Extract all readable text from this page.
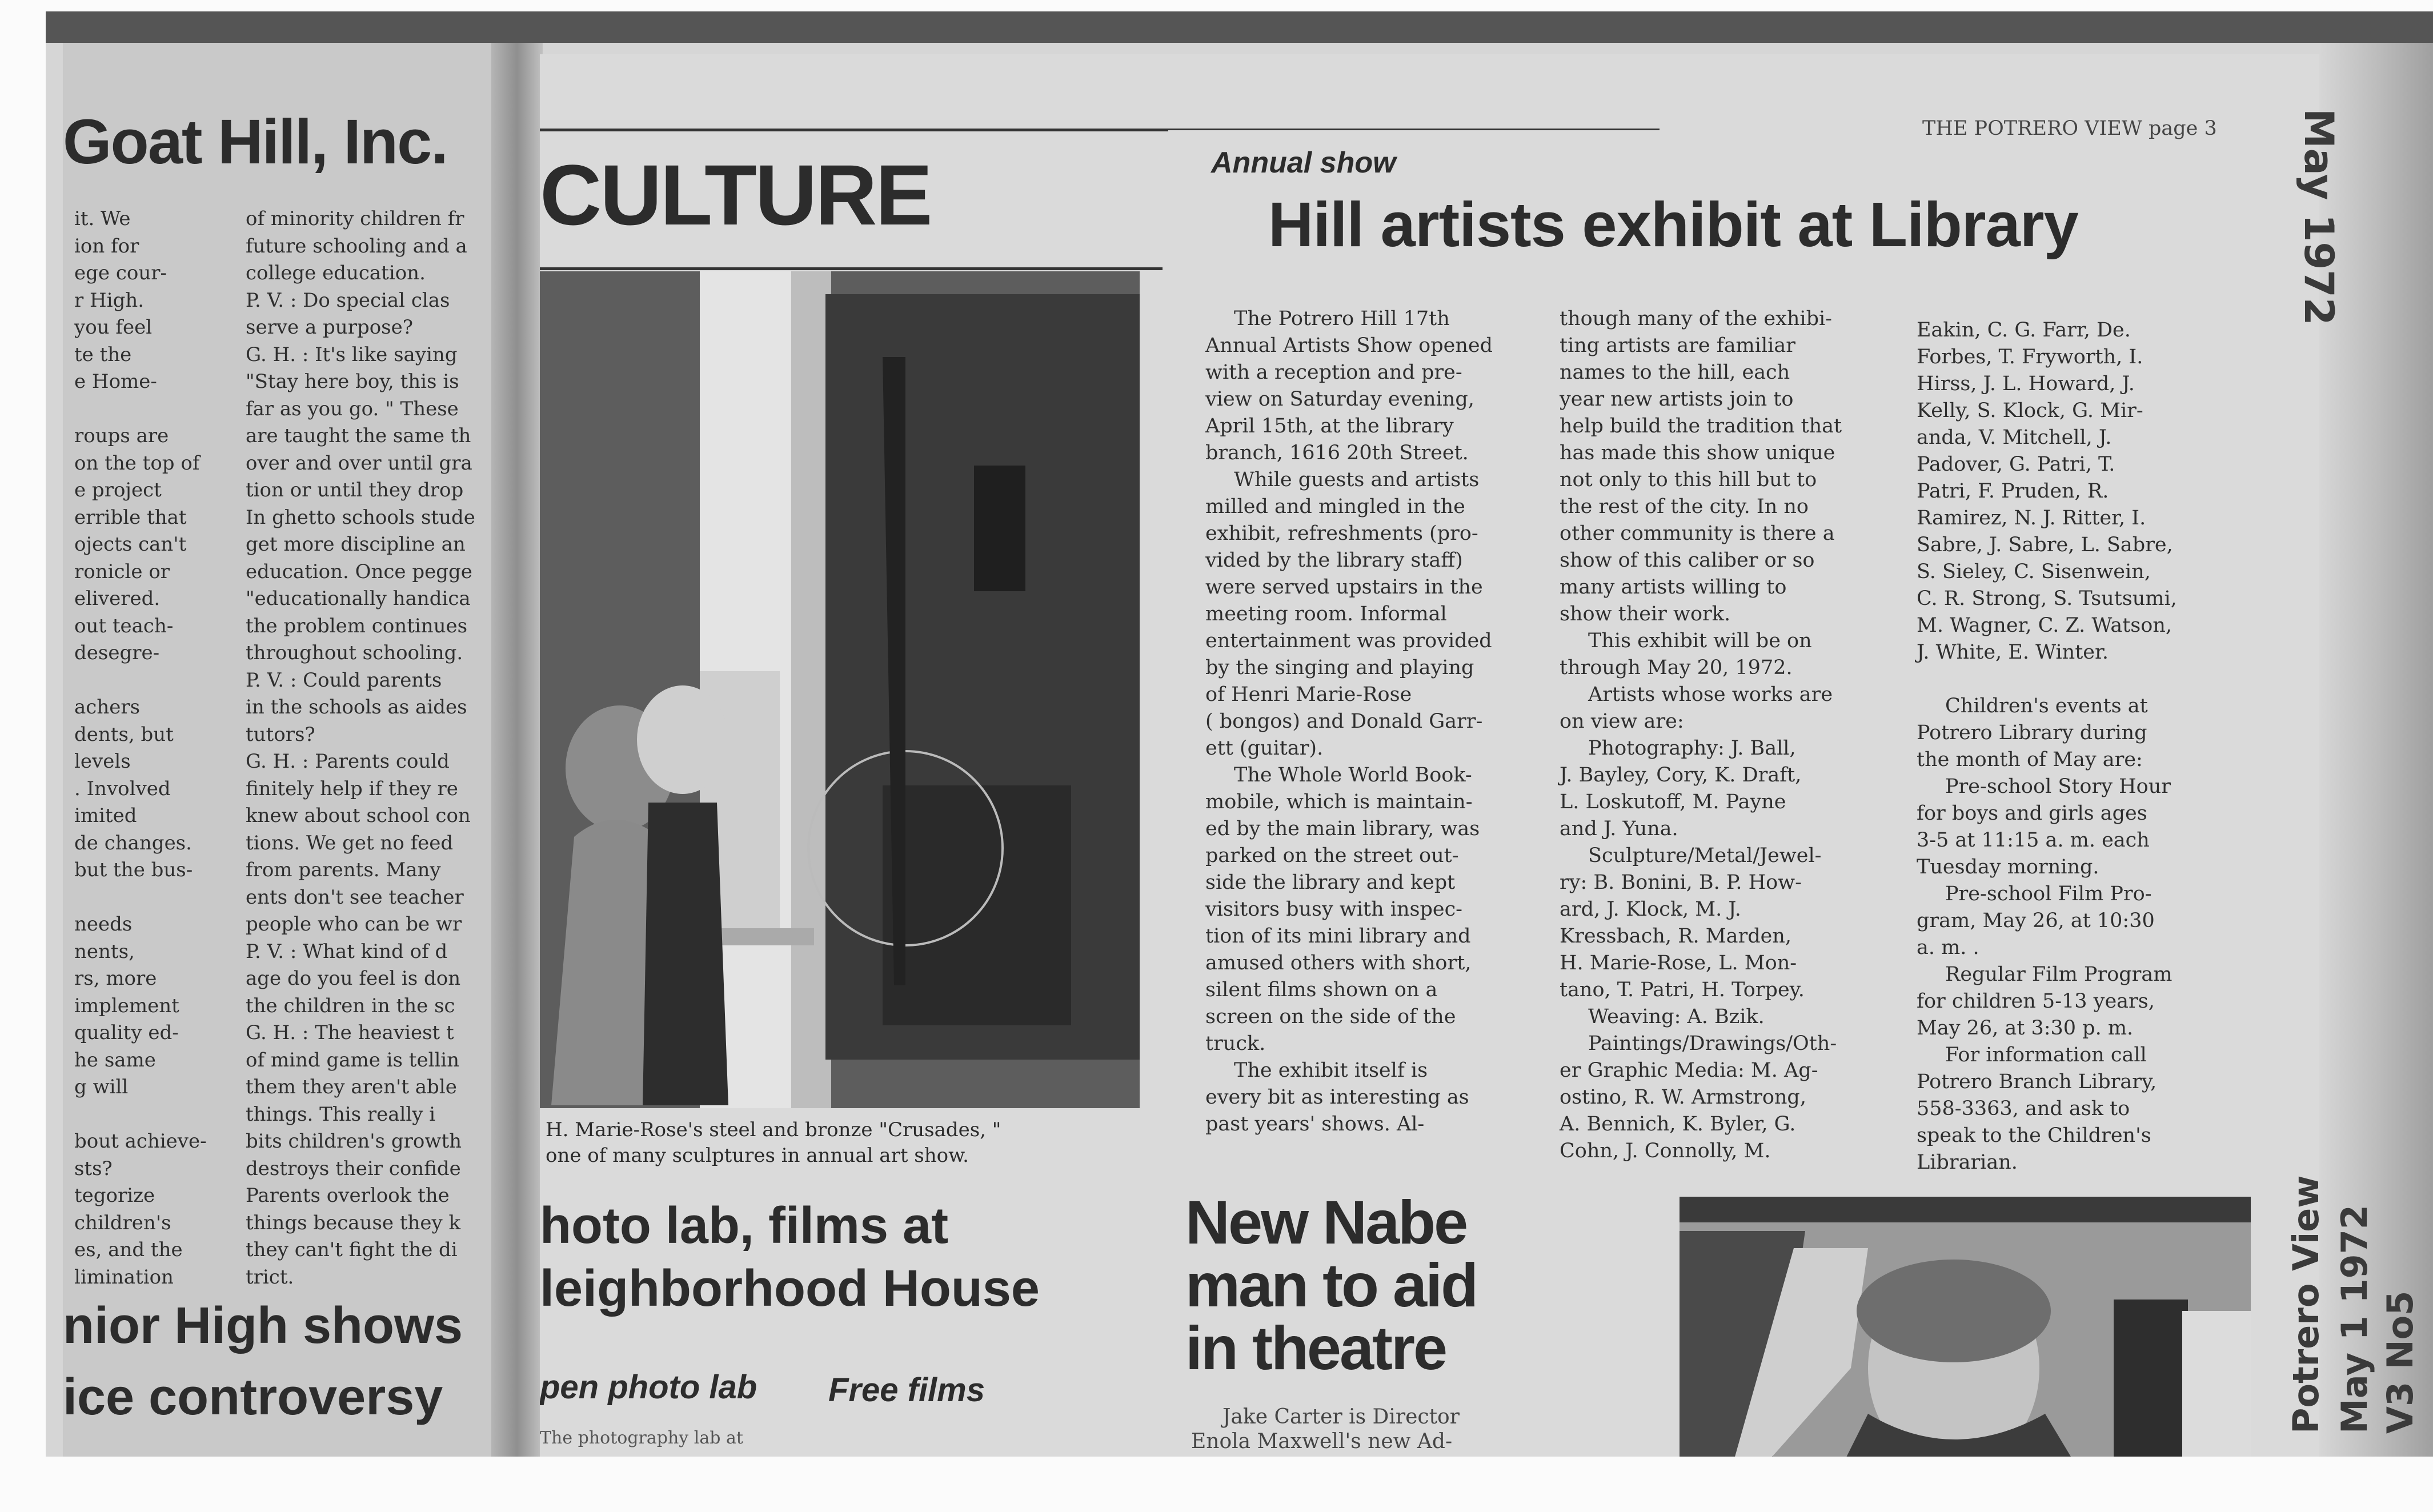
Goat Hill, Inc.
it. We
ion for
ege cour-
r High.
you feel
te the
e Home-

roups are
on the top of
e project
errible that
ojects can't
ronicle or
elivered.
out teach-
desegre-

achers
dents, but
levels
. Involved
imited
de changes.
but the bus-

needs
nents,
rs, more
implement
quality ed-
he same
g will

bout achieve-
sts?
tegorize
children's
es, and the
limination
of minority children fr
future schooling and a
college education.
P. V. : Do special clas
serve a purpose?
G. H. : It's like saying
"Stay here boy, this is
far as you go. " These
are taught the same th
over and over until gra
tion or until they drop
In ghetto schools stude
get more discipline an
education. Once pegge
"educationally handica
the problem continues
throughout schooling.
P. V. : Could parents
in the schools as aides
tutors?
G. H. : Parents could
finitely help if they re
knew about school con
tions. We get no feed
from parents. Many
ents don't see teacher
people who can be wr
P. V. : What kind of d
age do you feel is don
the children in the sc
G. H. : The heaviest t
of mind game is tellin
them they aren't able
things. This really i
bits children's growth
destroys their confide
Parents overlook the
things because they k
they can't fight the di
trict.
nior High shows
ice controversy
CULTURE
THE POTRERO VIEW page 3
Annual show
Hill artists exhibit at Library
H. Marie-Rose's steel and bronze "Crusades, "
one of many sculptures in annual art show.
The Potrero Hill 17th
Annual Artists Show opened
with a reception and pre-
view on Saturday evening,
April 15th, at the library
branch, 1616 20th Street.
While guests and artists
milled and mingled in the
exhibit, refreshments (pro-
vided by the library staff)
were served upstairs in the
meeting room. Informal
entertainment was provided
by the singing and playing
of Henri Marie-Rose
( bongos) and Donald Garr-
ett (guitar).
The Whole World Book-
mobile, which is maintain-
ed by the main library, was
parked on the street out-
side the library and kept
visitors busy with inspec-
tion of its mini library and
amused others with short,
silent films shown on a
screen on the side of the
truck.
The exhibit itself is
every bit as interesting as
past years' shows. Al-
though many of the exhibi-
ting artists are familiar
names to the hill, each
year new artists join to
help build the tradition that
has made this show unique
not only to this hill but to
the rest of the city. In no
other community is there a
show of this caliber or so
many artists willing to
show their work.
This exhibit will be on
through May 20, 1972.
Artists whose works are
on view are:
Photography: J. Ball,
J. Bayley, Cory, K. Draft,
L. Loskutoff, M. Payne
and J. Yuna.
Sculpture/Metal/Jewel-
ry: B. Bonini, B. P. How-
ard, J. Klock, M. J.
Kressbach, R. Marden,
H. Marie-Rose, L. Mon-
tano, T. Patri, H. Torpey.
Weaving: A. Bzik.
Paintings/Drawings/Oth-
er Graphic Media: M. Ag-
ostino, R. W. Armstrong,
A. Bennich, K. Byler, G.
Cohn, J. Connolly, M.
Eakin, C. G. Farr, De.
Forbes, T. Fryworth, I.
Hirss, J. L. Howard, J.
Kelly, S. Klock, G. Mir-
anda, V. Mitchell, J.
Padover, G. Patri, T.
Patri, F. Pruden, R.
Ramirez, N. J. Ritter, I.
Sabre, J. Sabre, L. Sabre,
S. Sieley, C. Sisenwein,
C. R. Strong, S. Tsutsumi,
M. Wagner, C. Z. Watson,
J. White, E. Winter.

Children's events at
Potrero Library during
the month of May are:
Pre-school Story Hour
for boys and girls ages
3-5 at 11:15 a. m. each
Tuesday morning.
Pre-school Film Pro-
gram, May 26, at 10:30
a. m. .
Regular Film Program
for children 5-13 years,
May 26, at 3:30 p. m.
For information call
Potrero Branch Library,
558-3363, and ask to
speak to the Children's
Librarian.
hoto lab, films at
leighborhood House
pen photo lab Free films
The photography lab at
New Nabe
man to aid
in theatre
Jake Carter is Director
Enola Maxwell's new Ad-
May 1972
Potrero View May 1 1972 V3 No5
